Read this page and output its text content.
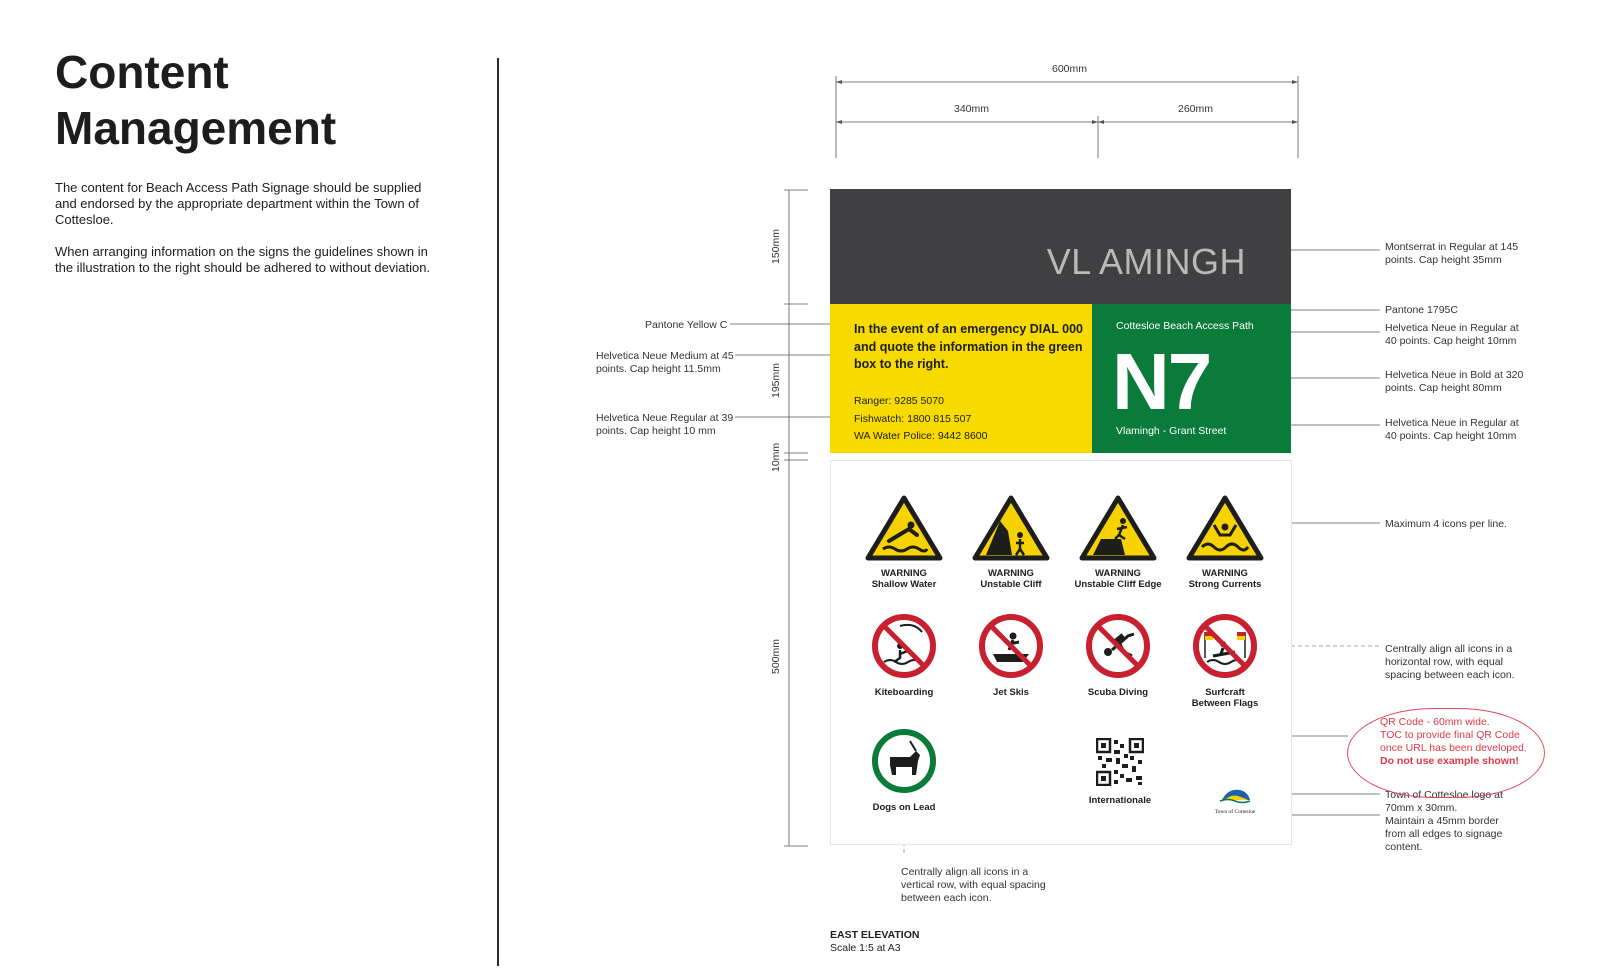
Content
Management

The content for Beach Access Path Signage should be supplied and endorsed by the appropriate department within the Town of Cottesloe.

When arranging information on the signs the guidelines shown in the illustration to the right should be adhered to without deviation.

600mm
340mm	260mm
150mm
195mm
10mm
500mm
VL AMINGH
In the event of an emergency DIAL 000 and quote the information in the green box to the right.
Ranger: 9285 5070
Fishwatch: 1800 815 507
WA Water Police: 9442 8600
Cottesloe Beach Access Path
N7
Vlamingh - Grant Street
WARNING
Shallow Water
WARNING
Unstable Cliff
WARNING
Unstable Cliff Edge
WARNING
Strong Currents
Kiteboarding	Jet Skis	Scuba Diving	Surfcraft
Between Flags
Dogs on Lead
Internationale
Town of Cottesloe
Montserrat in Regular at 145 points. Cap height 35mm
Pantone 1795C
Helvetica Neue in Regular at 40 points. Cap height 10mm
Helvetica Neue in Bold at 320 points. Cap height 80mm
Helvetica Neue in Regular at 40 points. Cap height 10mm
Maximum 4 icons per line.
Centrally align all icons in a horizontal row, with equal spacing between each icon.
Town of Cottesloe logo at 70mm x 30mm.
Maintain a 45mm border from all edges to signage content.
Pantone Yellow C
Helvetica Neue Medium at 45 points. Cap height 11.5mm
Helvetica Neue Regular at 39 points. Cap height 10 mm
Centrally align all icons in a vertical row, with equal spacing between each icon.
QR Code - 60mm wide.
TOC to provide final QR Code
once URL has been developed.
Do not use example shown!
EAST ELEVATION
Scale 1:5 at A3
